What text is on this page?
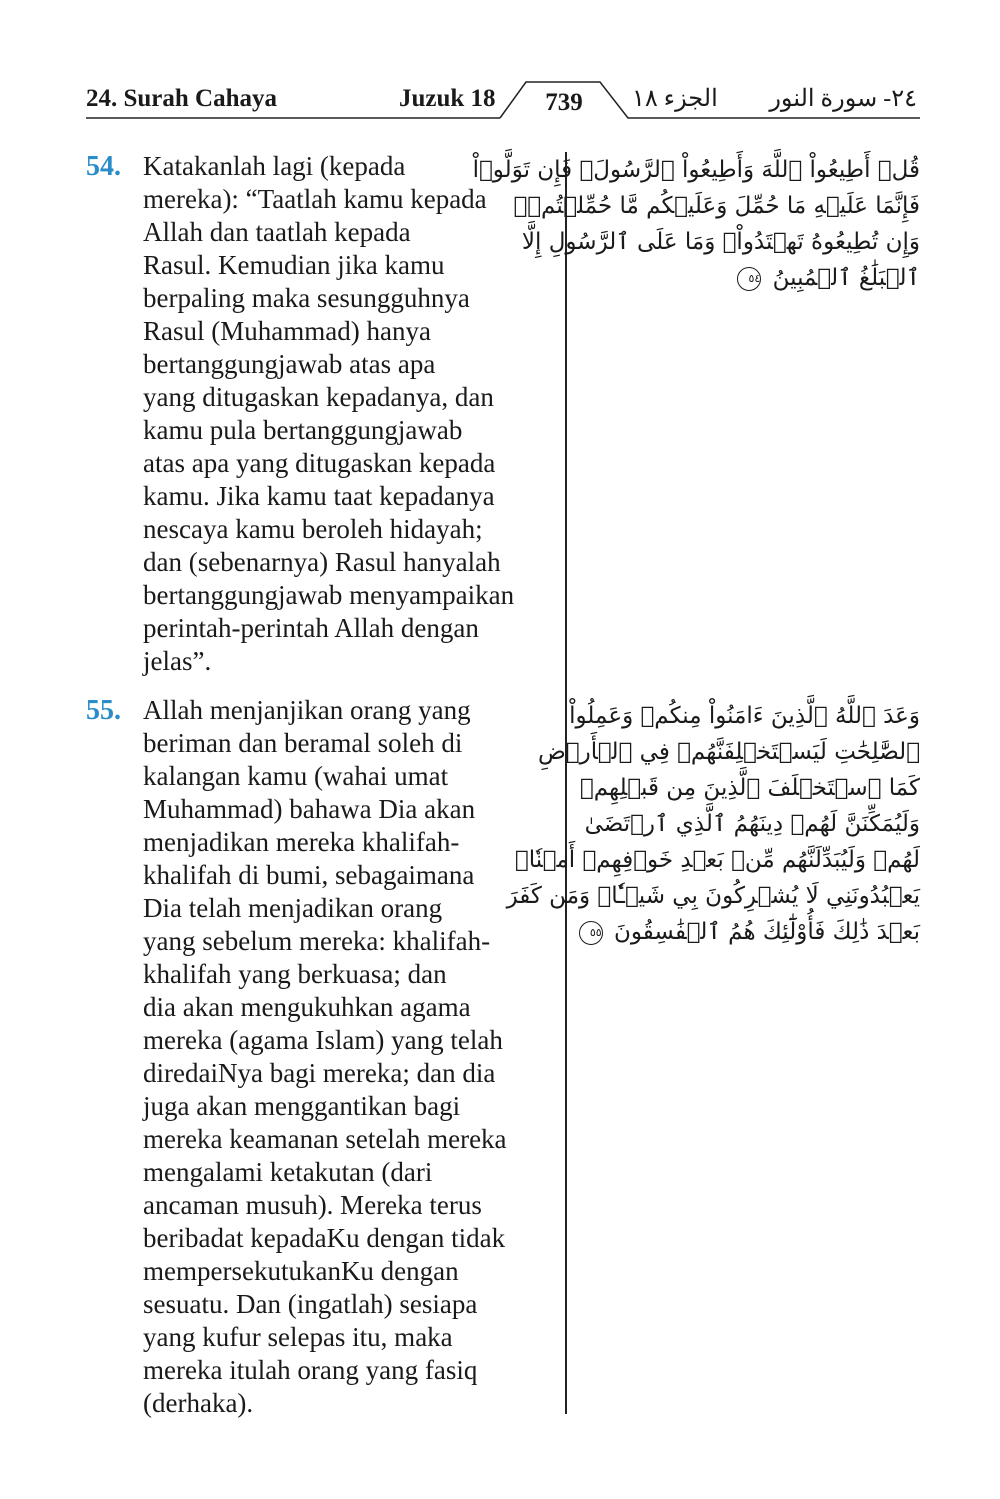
24. Surah Cahaya	Juzuk 18	739	الجزء ١٨ ٢٤- سورة النور
54. Katakanlah lagi (kepada
mereka): “Taatlah kamu kepada
Allah dan taatlah kepada
Rasul. Kemudian jika kamu
berpaling maka sesungguhnya
Rasul (Muhammad) hanya
bertanggungjawab atas apa
yang ditugaskan kepadanya, dan
kamu pula bertanggungjawab
atas apa yang ditugaskan kepada
kamu. Jika kamu taat kepadanya
nescaya kamu beroleh hidayah;
dan (sebenarnya) Rasul hanyalah
bertanggungjawab menyampaikan
perintah-perintah Allah dengan
jelas”.
قُلۡ أَطِيعُواْ ٱللَّهَ وَأَطِيعُواْ ٱلرَّسُولَۖ فَإِن تَوَلَّوۡاْ
فَإِنَّمَا عَلَيۡهِ مَا حُمِّلَ وَعَلَيۡكُم مَّا حُمِّلۡتُمۡۖ
وَإِن تُطِيعُوهُ تَهۡتَدُواْۚ وَمَا عَلَى ٱلرَّسُولِ إِلَّا
ٱلۡبَلَٰغُ ٱلۡمُبِينُ ٥٤
55. Allah menjanjikan orang yang
beriman dan beramal soleh di
kalangan kamu (wahai umat
Muhammad) bahawa Dia akan
menjadikan mereka khalifah-
khalifah di bumi, sebagaimana
Dia telah menjadikan orang
yang sebelum mereka: khalifah-
khalifah yang berkuasa; dan
dia akan mengukuhkan agama
mereka (agama Islam) yang telah
diredaiNya bagi mereka; dan dia
juga akan menggantikan bagi
mereka keamanan setelah mereka
mengalami ketakutan (dari
ancaman musuh). Mereka terus
beribadat kepadaKu dengan tidak
mempersekutukanKu dengan
sesuatu. Dan (ingatlah) sesiapa
yang kufur selepas itu, maka
mereka itulah orang yang fasiq
(derhaka).
وَعَدَ ٱللَّهُ ٱلَّذِينَ ءَامَنُواْ مِنكُمۡ وَعَمِلُواْ
ٱلصَّٰلِحَٰتِ لَيَسۡتَخۡلِفَنَّهُمۡ فِي ٱلۡأَرۡضِ
كَمَا ٱسۡتَخۡلَفَ ٱلَّذِينَ مِن قَبۡلِهِمۡ
وَلَيُمَكِّنَنَّ لَهُمۡ دِينَهُمُ ٱلَّذِي ٱرۡتَضَىٰ
لَهُمۡ وَلَيُبَدِّلَنَّهُم مِّنۢ بَعۡدِ خَوۡفِهِمۡ أَمۡنٗاۚ
يَعۡبُدُونَنِي لَا يُشۡرِكُونَ بِي شَيۡـٔٗاۚ وَمَن كَفَرَ
بَعۡدَ ذَٰلِكَ فَأُوْلَٰٓئِكَ هُمُ ٱلۡفَٰسِقُونَ ٥٥
